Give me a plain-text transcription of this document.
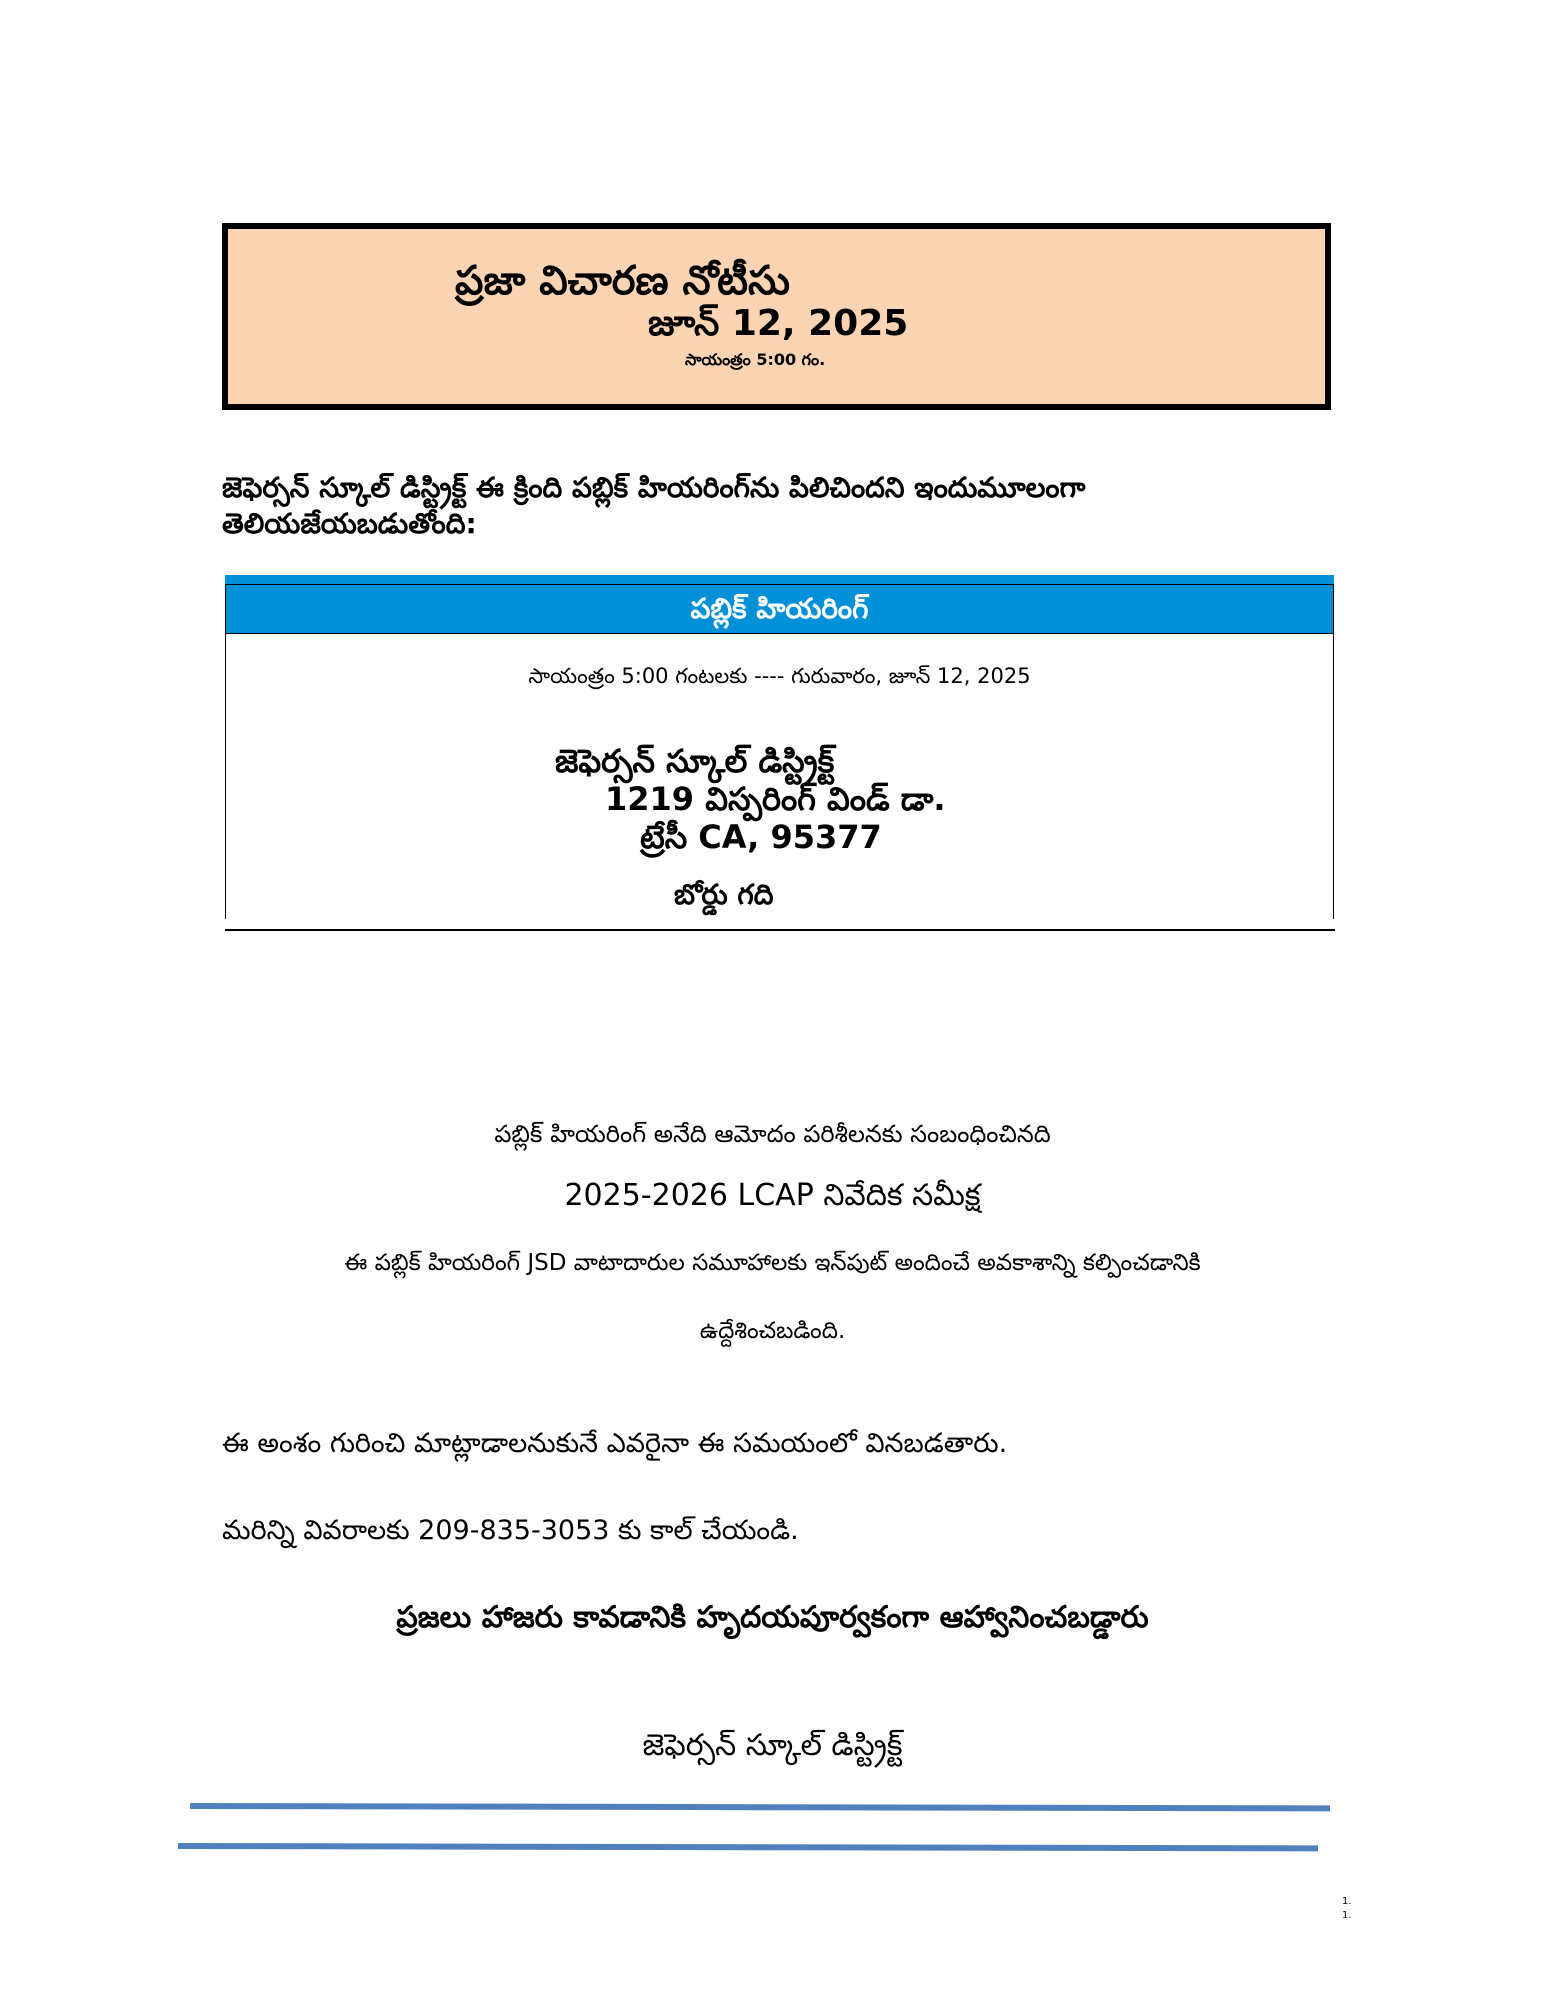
ప్రజా విచారణ నోటీసు
జూన్ 12, 2025
సాయంత్రం 5:00 గం.
జెఫెర్సన్ స్కూల్ డిస్ట్రిక్ట్ ఈ క్రింది పబ్లిక్ హియరింగ్‌ను పిలిచిందని ఇందుమూలంగా తెలియజేయబడుతోంది:
పబ్లిక్ హియరింగ్
సాయంత్రం 5:00 గంటలకు ---- గురువారం, జూన్ 12, 2025
జెఫెర్సన్ స్కూల్ డిస్ట్రిక్ట్
1219 విస్పరింగ్ విండ్ డా.
ట్రేసీ CA, 95377
బోర్డు గది
పబ్లిక్ హియరింగ్ అనేది ఆమోదం పరిశీలనకు సంబంధించినది
2025-2026 LCAP నివేదిక సమీక్ష
ఈ పబ్లిక్ హియరింగ్ JSD వాటాదారుల సమూహాలకు ఇన్‌పుట్ అందించే అవకాశాన్ని కల్పించడానికి
ఉద్దేశించబడింది.
ఈ అంశం గురించి మాట్లాడాలనుకునే ఎవరైనా ఈ సమయంలో వినబడతారు.
మరిన్ని వివరాలకు 209-835-3053 కు కాల్ చేయండి.
ప్రజలు హాజరు కావడానికి హృదయపూర్వకంగా ఆహ్వానించబడ్డారు
జెఫెర్సన్ స్కూల్ డిస్ట్రిక్ట్
1.
1.
